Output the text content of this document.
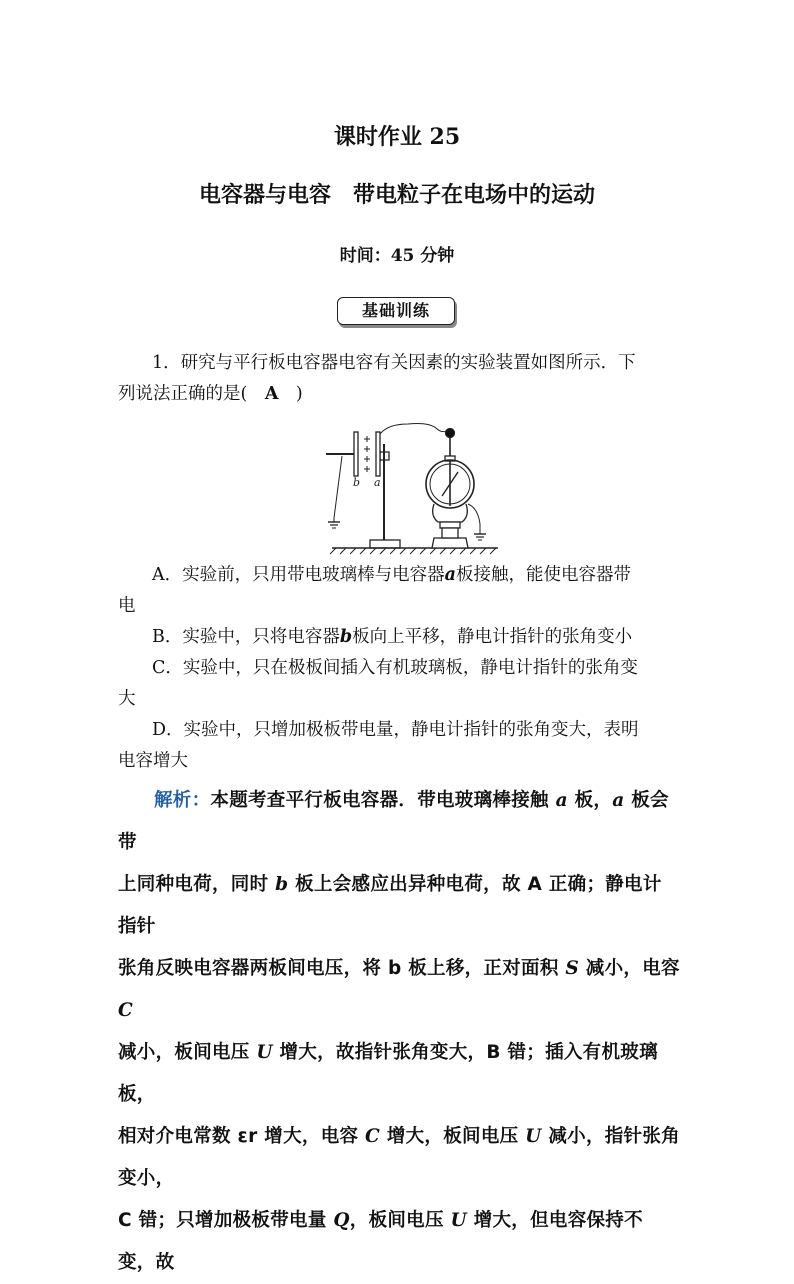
课时作业 25
电容器与电容　带电粒子在电场中的运动
时间：45 分钟
基础训练
1．研究与平行板电容器电容有关因素的实验装置如图所示．下
列说法正确的是(　A　)
b a
A．实验前，只用带电玻璃棒与电容器a板接触，能使电容器带
电
B．实验中，只将电容器b板向上平移，静电计指针的张角变小
C．实验中，只在极板间插入有机玻璃板，静电计指针的张角变
大
D．实验中，只增加极板带电量，静电计指针的张角变大，表明
电容增大
解析：本题考查平行板电容器．带电玻璃棒接触 a 板，a 板会带
上同种电荷，同时 b 板上会感应出异种电荷，故 A 正确；静电计指针
张角反映电容器两板间电压，将 b 板上移，正对面积 S 减小，电容 C
减小，板间电压 U 增大，故指针张角变大，B 错；插入有机玻璃板，
相对介电常数 εr 增大，电容 C 增大，板间电压 U 减小，指针张角变小，
C 错；只增加极板带电量 Q，板间电压 U 增大，但电容保持不变，故
